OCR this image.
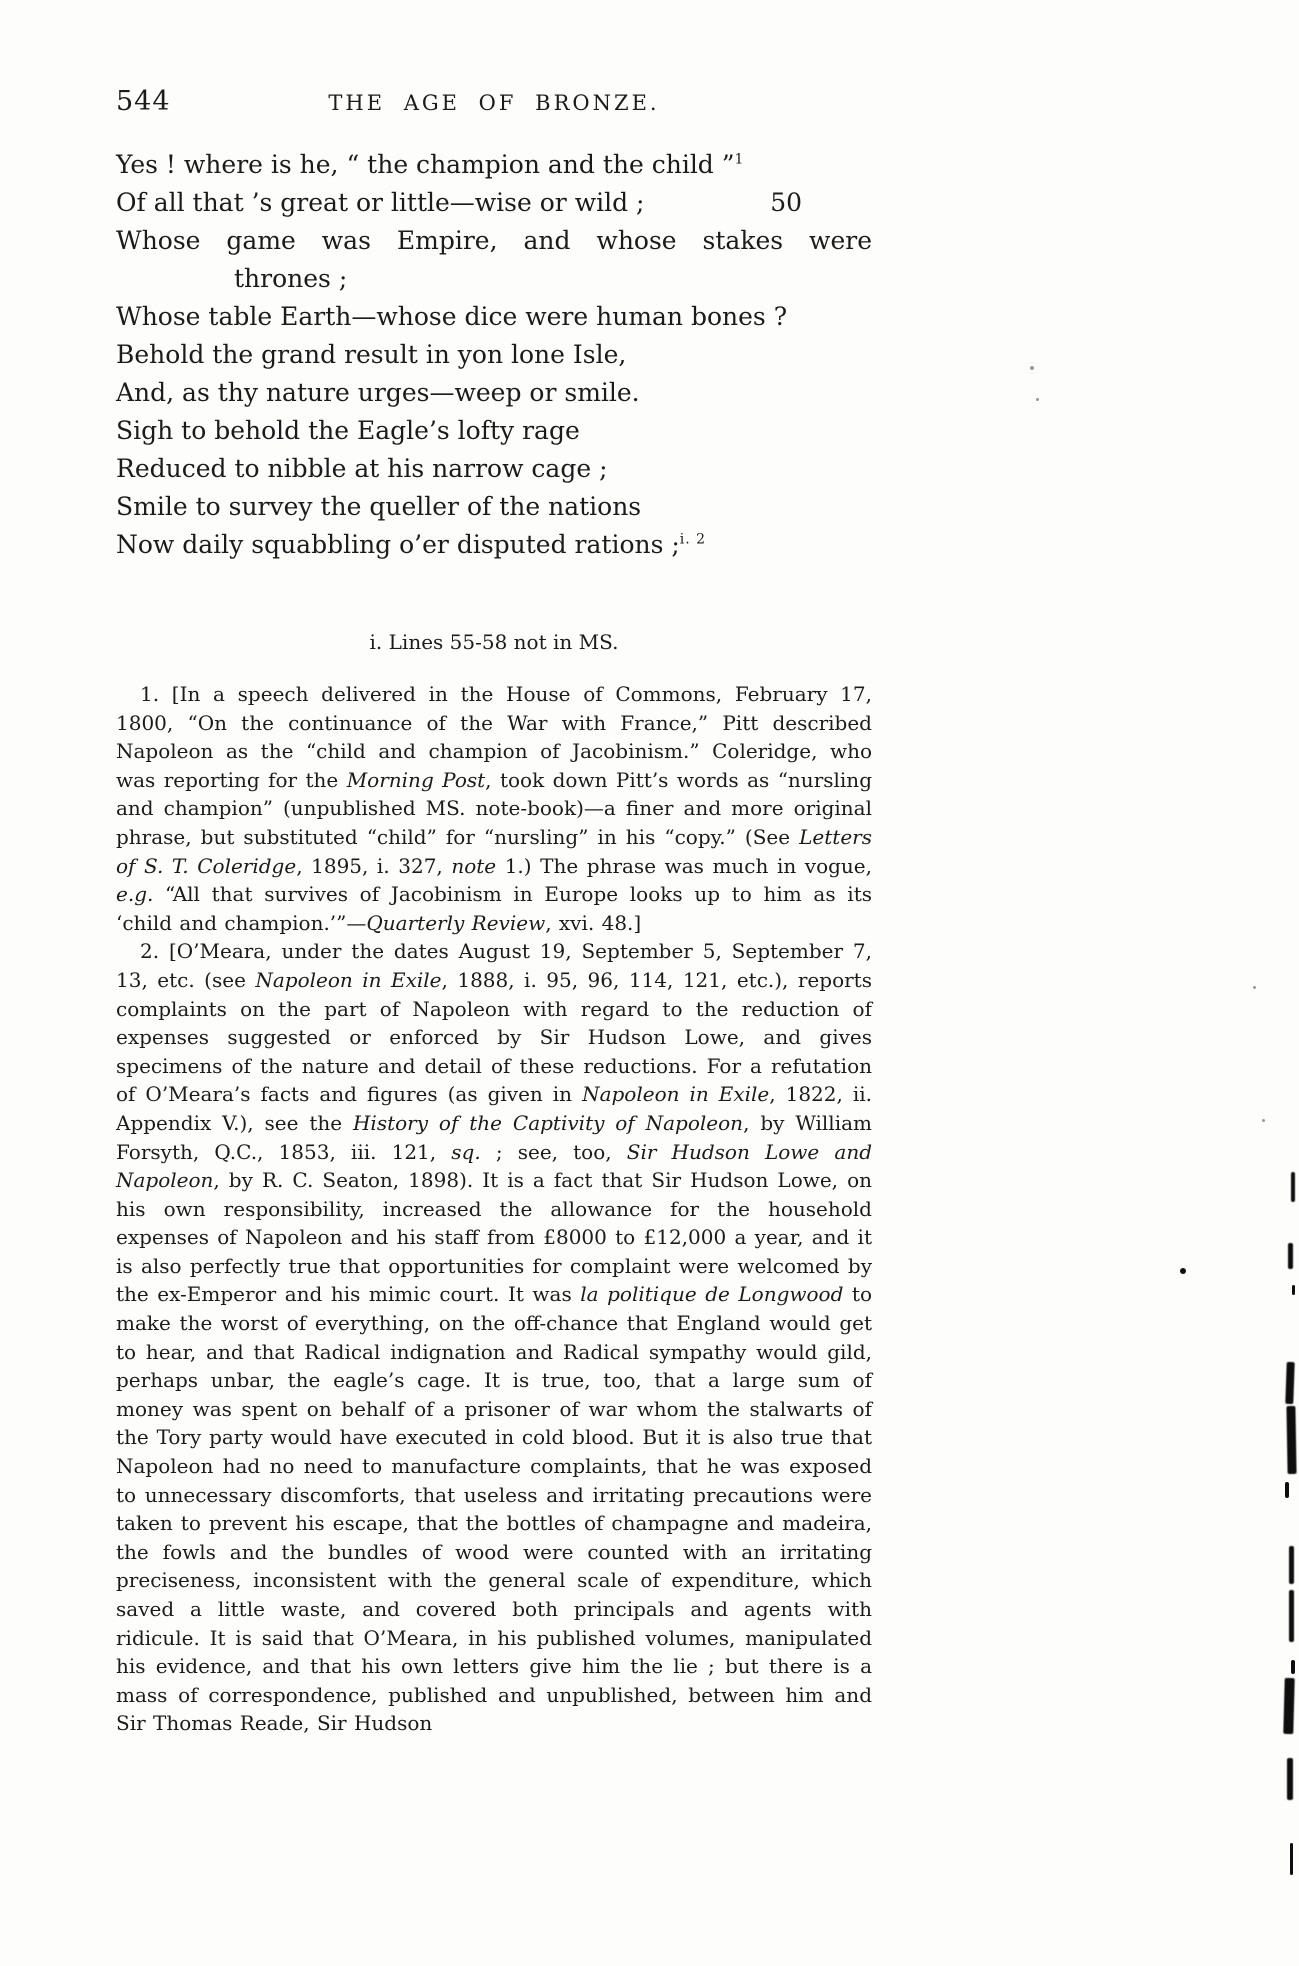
544	THE AGE OF BRONZE.
Yes ! where is he, “ the champion and the child ”$^1$
Of all that ’s great or little—wise or wild ;	50
Whose game was Empire, and whose stakes were
thrones ;
Whose table Earth—whose dice were human bones ?
Behold the grand result in yon lone Isle,
And, as thy nature urges—weep or smile.
Sigh to behold the Eagle’s lofty rage
Reduced to nibble at his narrow cage ;
Smile to survey the queller of the nations
Now daily squabbling o’er disputed rations ;$^{i. 2}$
i. Lines 55-58 not in MS.

1. [In a speech delivered in the House of Commons, February 17, 1800, “On the continuance of the War with France,” Pitt described Napoleon as the “child and champion of Jacobinism.” Coleridge, who was reporting for the Morning Post, took down Pitt’s words as “nursling and champion” (unpublished MS. note-book)—a finer and more original phrase, but substituted “child” for “nursling” in his “copy.” (See Letters of S. T. Coleridge, 1895, i. 327, note 1.) The phrase was much in vogue, e.g. “All that survives of Jacobinism in Europe looks up to him as its ‘child and champion.’”—Quarterly Review, xvi. 48.]

2. [O’Meara, under the dates August 19, September 5, September 7, 13, etc. (see Napoleon in Exile, 1888, i. 95, 96, 114, 121, etc.), reports complaints on the part of Napoleon with regard to the reduction of expenses suggested or enforced by Sir Hudson Lowe, and gives specimens of the nature and detail of these reductions. For a refutation of O’Meara’s facts and figures (as given in Napoleon in Exile, 1822, ii. Appendix V.), see the History of the Captivity of Napoleon, by William Forsyth, Q.C., 1853, iii. 121, sq. ; see, too, Sir Hudson Lowe and Napoleon, by R. C. Seaton, 1898). It is a fact that Sir Hudson Lowe, on his own responsibility, increased the allowance for the household expenses of Napoleon and his staff from £8000 to £12,000 a year, and it is also perfectly true that opportunities for complaint were welcomed by the ex-Emperor and his mimic court. It was la politique de Longwood to make the worst of everything, on the off-chance that England would get to hear, and that Radical indignation and Radical sympathy would gild, perhaps unbar, the eagle’s cage. It is true, too, that a large sum of money was spent on behalf of a prisoner of war whom the stalwarts of the Tory party would have executed in cold blood. But it is also true that Napoleon had no need to manufacture complaints, that he was exposed to unnecessary discomforts, that useless and irritating precautions were taken to prevent his escape, that the bottles of champagne and madeira, the fowls and the bundles of wood were counted with an irritating preciseness, inconsistent with the general scale of expenditure, which saved a little waste, and covered both principals and agents with ridicule. It is said that O’Meara, in his published volumes, manipulated his evidence, and that his own letters give him the lie ; but there is a mass of correspondence, published and unpublished, between him and Sir Thomas Reade, Sir Hudson
